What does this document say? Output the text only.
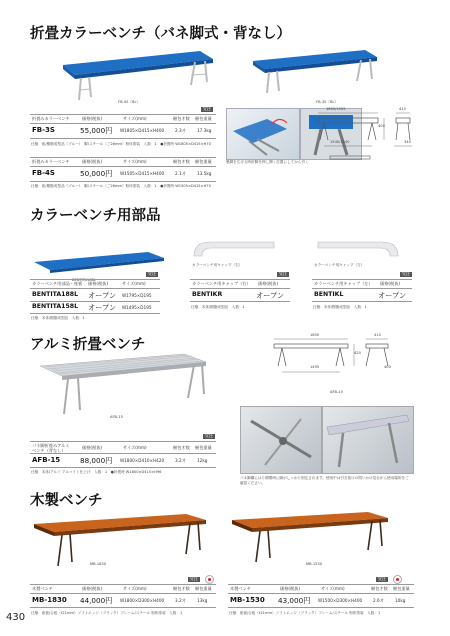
折畳カラーベンチ（バネ脚式・背なし）
FB-4S（BL）	FB-3S（BL）
受注
折畳みカラーベンチ	価格(税抜)	サイズ(mm)	梱包才数 梱包重量
FB-3S	55,000円 W1805×D415×H400	2.3才	17.3kg
仕様：座/樹脂成型品（ブルー）　脚/スチール（ご26mm）粉体塗装　入数：1　●折畳時 W1805×D415×H70
折畳みカラーベンチ	価格(税抜)	サイズ(mm)	梱包才数 梱包重量
FB-4S	50,000円 W1505×D415×H400	2.1才	13.5kg
仕様：座/樹脂成型品（ブルー）　脚/スチール（ご26mm）粉体塗装　入数：1　●折畳時 W1505×D415×H70
裏脚を広げる時折脚を押し開く位置にしてから引く
1805/1505	415
1540/1240
400
340
カラーベンチ用部品
BENTITA188L
カラーベンチ用キャップ（右）	カラーベンチ用キャップ（左）
受注
カラーベンチ用部品・座板 価格(税抜)	サイズ(mm)
BENTITA188L オープン W1795×D195
BENTITA158L オープン W1495×D195
仕様：本体/樹脂成型品　入数：1
受注
カラーベンチ用キャップ（右） 価格(税抜)
BENTIKR	オープン
仕様：本体/樹脂成型品　入数：1
受注
カラーベンチ用キャップ（左） 価格(税抜)
BENTIKL	オープン
仕様：本体/樹脂成型品　入数：1
アルミ折畳ベンチ
AFB-15
1800
1495
410
420
400
AFB-15
パネ脚構にはり開閉時に脚がしっかり固定されます。使用中は引き抜けの問いかけ見ながら使用場所をご確認ください。
受注
パネ脚折畳みアルミベンチ（背なし）
価格(税抜)	サイズ(mm)	梱包才数 梱包重量
AFB-15	88,000円 W1800×D410×H420	3.2才	12kg
仕様：本体/アルミ アルマイト仕上げ　入数：1　●折畳時 W1800×D410×H96
木製ベンチ
MB-1830	MB-1530
受注
木製ベンチ	価格(税抜)	サイズ(mm)	梱包才数 梱包重量
MB-1830 44,000円 W1800×D300×H400	3.2才	13kg
仕様：座板/合板（t21mm）ソフトエッジ（ブラック）フレーム/スチール 粉体塗装　入数：1
受注
木製ベンチ	価格(税抜)	サイズ(mm)	梱包才数 梱包重量
MB-1530 43,000円 W1500×D300×H400	2.6才	10kg
仕様：座板/合板（t21mm）ソフトエッジ（ブラック）フレーム/スチール 粉体塗装　入数：1
430
